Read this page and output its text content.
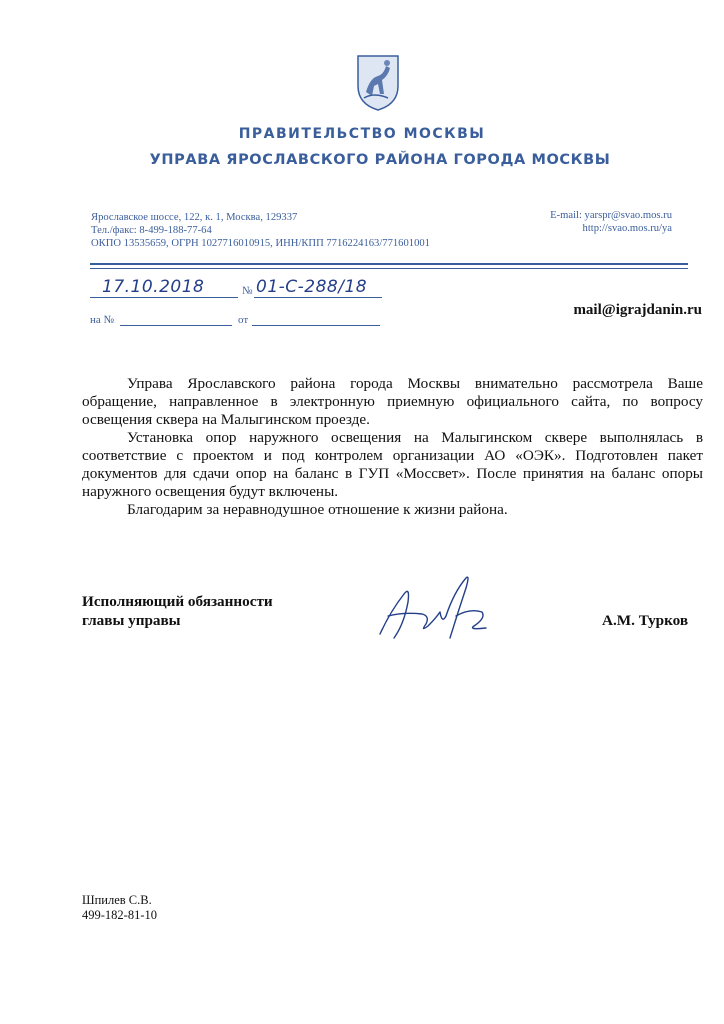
ПРАВИТЕЛЬСТВО МОСКВЫ
УПРАВА ЯРОСЛАВСКОГО РАЙОНА ГОРОДА МОСКВЫ
Ярославское шоссе, 122, к. 1, Москва, 129337
Тел./факс: 8-499-188-77-64
ОКПО 13535659, ОГРН 1027716010915, ИНН/КПП 7716224163/771601001
E-mail: yarspr@svao.mos.ru
http://svao.mos.ru/ya
17.10.2018	№ 01-С-288/18
на №	от
mail@igrajdanin.ru

Управа Ярославского района города Москвы внимательно рассмотрела Ваше обращение, направленное в электронную приемную официального сайта, по вопросу освещения сквера на Малыгинском проезде.

Установка опор наружного освещения на Малыгинском сквере выполнялась в соответствие с проектом и под контролем организации АО «ОЭК». Подготовлен пакет документов для сдачи опор на баланс в ГУП «Мосcвет». После принятия на баланс опоры наружного освещения будут включены.

Благодарим за неравнодушное отношение к жизни района.

Исполняющий обязанности
главы управы	А.М. Турков
Шпилев С.В.
499-182-81-10
